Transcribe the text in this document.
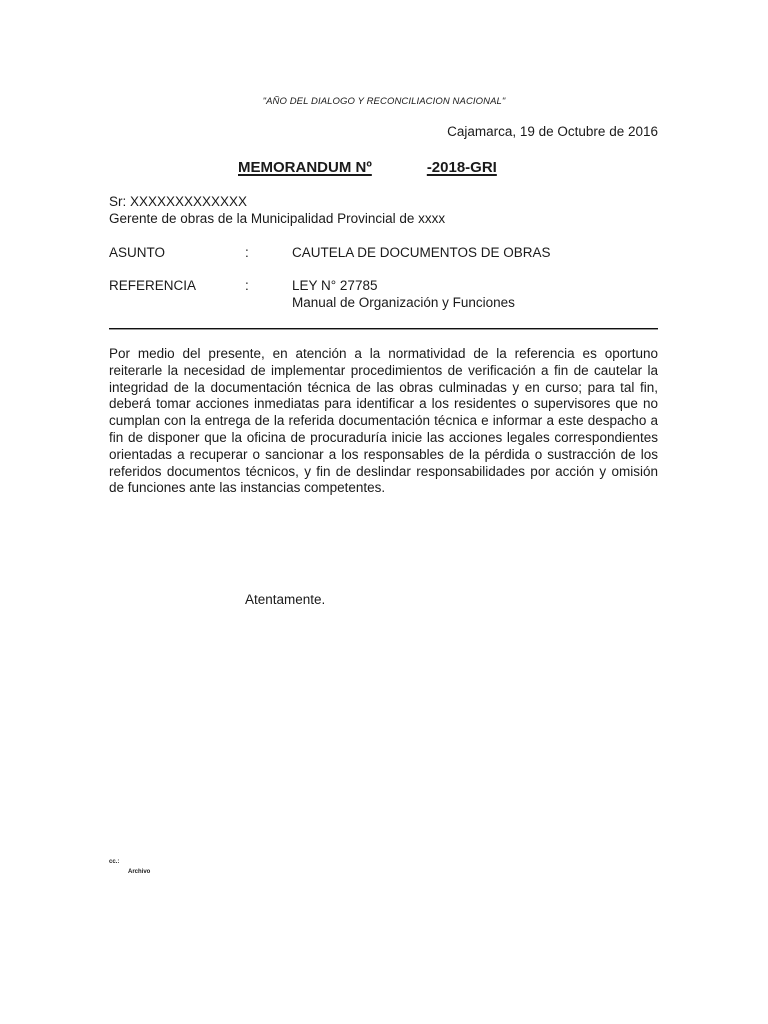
"AÑO DEL DIALOGO Y RECONCILIACION NACIONAL"
Cajamarca, 19 de Octubre de 2016
MEMORANDUM Nº	-2018-GRI
Sr: XXXXXXXXXXXXX
Gerente de obras de la Municipalidad Provincial de xxxx
ASUNTO	:	CAUTELA DE DOCUMENTOS DE OBRAS
REFERENCIA	:	LEY N° 27785
Manual de Organización y Funciones
Por medio del presente, en atención a la normatividad de la referencia es oportuno reiterarle la necesidad de implementar procedimientos de verificación a fin de cautelar la integridad de la documentación técnica de las obras culminadas y en curso; para tal fin, deberá tomar acciones inmediatas para identificar a los residentes o supervisores que no cumplan con la entrega de la referida documentación técnica e informar a este despacho a fin de disponer que la oficina de procuraduría inicie las acciones legales correspondientes orientadas a recuperar o sancionar a los responsables de la pérdida o sustracción de los referidos documentos técnicos, y fin de deslindar responsabilidades por acción y omisión de funciones ante las instancias competentes.
Atentamente.
cc.:
Archivo
